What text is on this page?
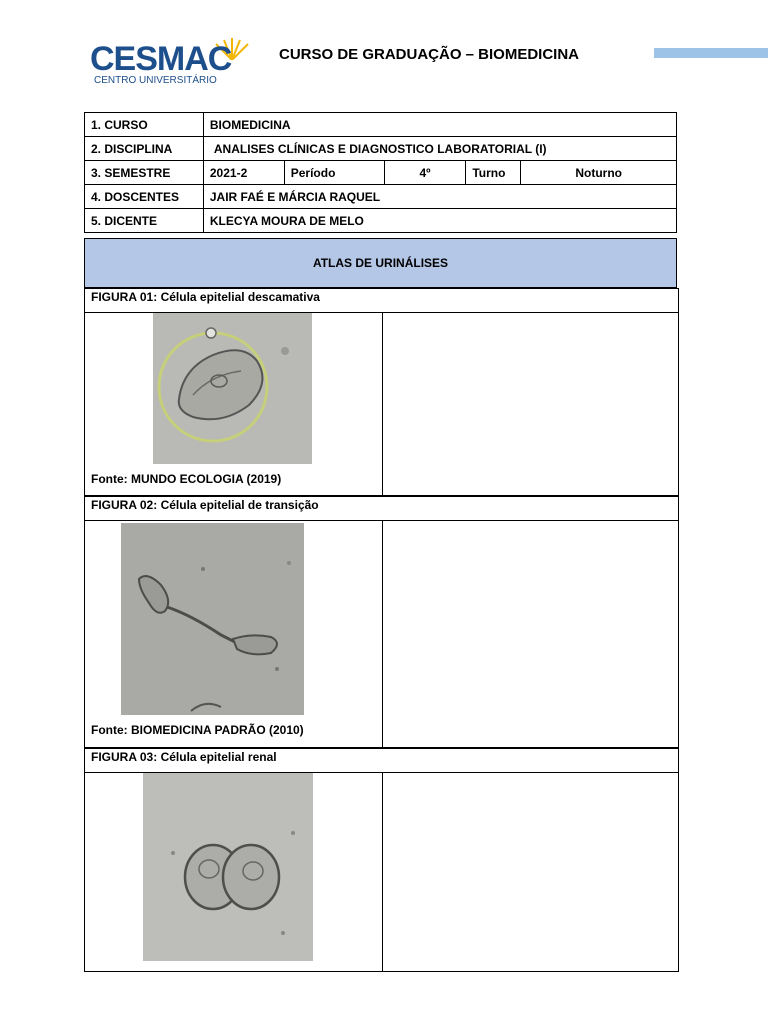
CESMAC
CENTRO UNIVERSITÁRIO
CURSO DE GRADUAÇÃO – BIOMEDICINA
1. CURSO	BIOMEDICINA				
2. DISCIPLINA	ANALISES CLÍNICAS E DIAGNOSTICO LABORATORIAL (I)				
3. SEMESTRE	2021-2	Período	4º	Turno	Noturno
4. DOSCENTES	JAIR FAÉ E MÁRCIA RAQUEL				
5. DICENTE	KLECYA MOURA DE MELO				
ATLAS DE URINÁLISES
FIGURA 01: Célula epitelial descamativa
Fonte: MUNDO ECOLOGIA (2019)
FIGURA 02: Célula epitelial de transição
Fonte: BIOMEDICINA PADRÃO (2010)
FIGURA 03: Célula epitelial renal
